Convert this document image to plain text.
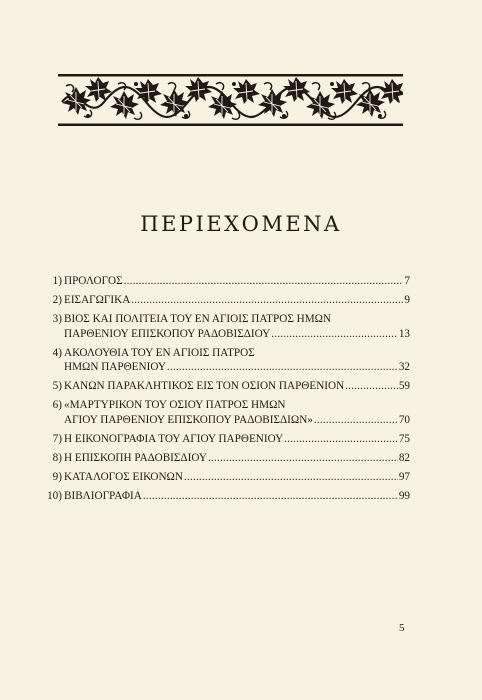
ΠΕΡΙΕΧΟΜΕΝΑ
1) ΠΡΟΛΟΓΟΣ .....	7
2) ΕΙΣΑΓΩΓΙΚΑ .....	9
3) ΒΙΟΣ ΚΑΙ ΠΟΛΙΤΕΙΑ ΤΟΥ ΕΝ ΑΓΙΟΙΣ ΠΑΤΡΟΣ ΗΜΩΝ
ΠΑΡΘΕΝΙΟΥ ΕΠΙΣΚΟΠΟΥ ΡΑΔΟΒΙΣΔΙΟΥ .....	13
4) ΑΚΟΛΟΥΘΙΑ ΤΟΥ ΕΝ ΑΓΙΟΙΣ ΠΑΤΡΟΣ
ΗΜΩΝ ΠΑΡΘΕΝΙΟΥ .....	32
5) ΚΑΝΩΝ ΠΑΡΑΚΛΗΤΙΚΟΣ ΕΙΣ ΤΟΝ ΟΣΙΟΝ ΠΑΡΘΕΝΙΟΝ .....	59
6) «ΜΑΡΤΥΡΙΚΟΝ ΤΟΥ ΟΣΙΟΥ ΠΑΤΡΟΣ ΗΜΩΝ
ΑΓΙΟΥ ΠΑΡΘΕΝΙΟΥ ΕΠΙΣΚΟΠΟΥ ΡΑΔΟΒΙΣΔΙΩΝ» .....	70
7) Η ΕΙΚΟΝΟΓΡΑΦΙΑ ΤΟΥ ΑΓΙΟΥ ΠΑΡΘΕΝΙΟΥ .....	75
8) Η ΕΠΙΣΚΟΠΗ ΡΑΔΟΒΙΣΔΙΟΥ .....	82
9) ΚΑΤΑΛΟΓΟΣ ΕΙΚΟΝΩΝ .....	97
10) ΒΙΒΛΙΟΓΡΑΦΙΑ .....	99
5
